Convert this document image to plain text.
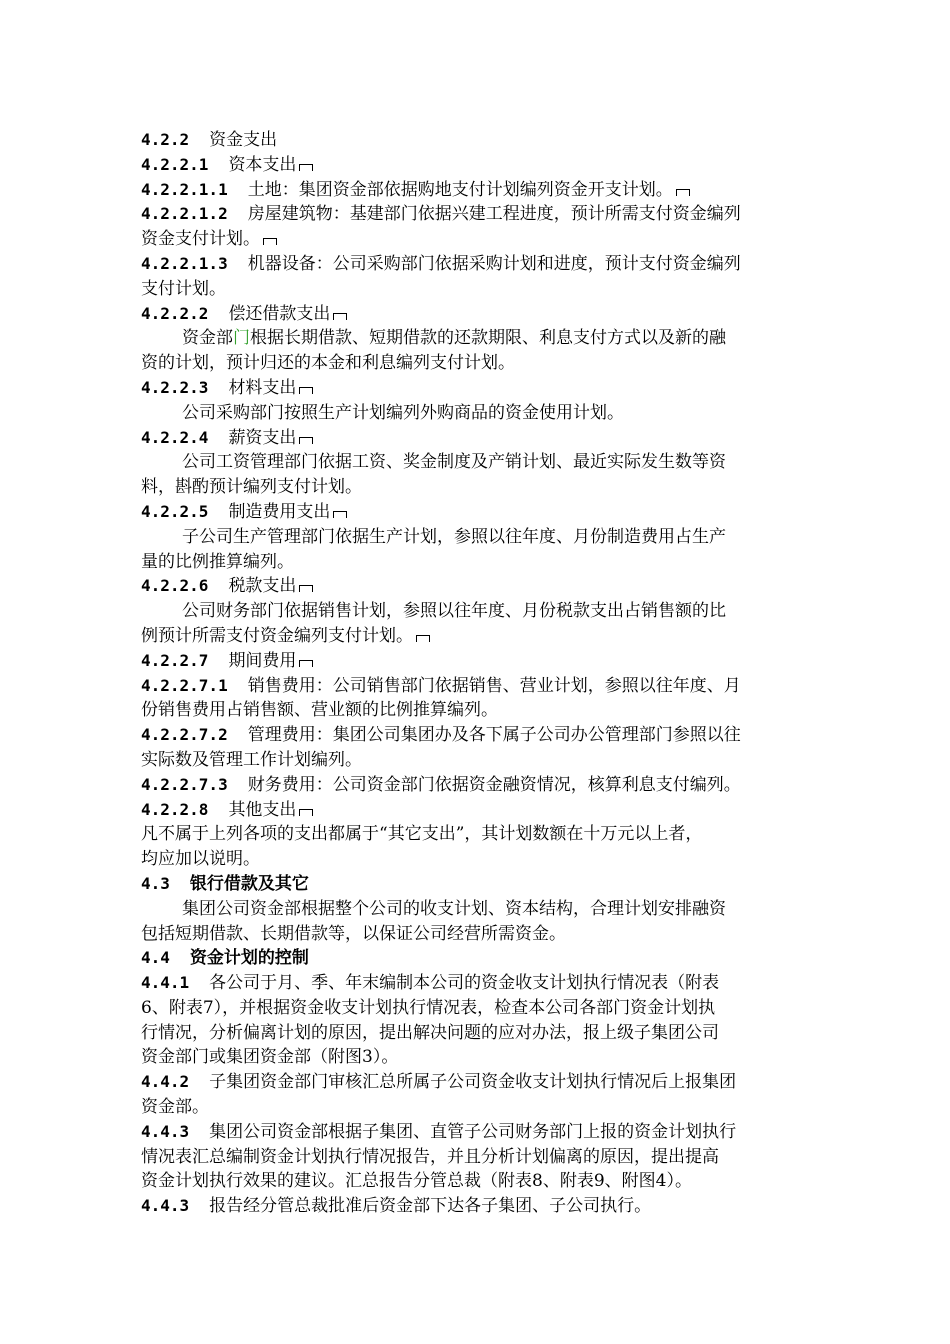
4.2.2 资金支出
4.2.2.1 资本支出
4.2.2.1.1 土地：集团资金部依据购地支付计划编列资金开支计划。
4.2.2.1.2 房屋建筑物：基建部门依据兴建工程进度，预计所需支付资金编列
资金支付计划。
4.2.2.1.3 机器设备：公司采购部门依据采购计划和进度，预计支付资金编列
支付计划。
4.2.2.2 偿还借款支出
资金部门根据长期借款、短期借款的还款期限、利息支付方式以及新的融
资的计划，预计归还的本金和利息编列支付计划。
4.2.2.3 材料支出
公司采购部门按照生产计划编列外购商品的资金使用计划。
4.2.2.4 薪资支出
公司工资管理部门依据工资、奖金制度及产销计划、最近实际发生数等资
料，斟酌预计编列支付计划。
4.2.2.5 制造费用支出
子公司生产管理部门依据生产计划，参照以往年度、月份制造费用占生产
量的比例推算编列。
4.2.2.6 税款支出
公司财务部门依据销售计划，参照以往年度、月份税款支出占销售额的比
例预计所需支付资金编列支付计划。
4.2.2.7 期间费用
4.2.2.7.1 销售费用：公司销售部门依据销售、营业计划，参照以往年度、月
份销售费用占销售额、营业额的比例推算编列。
4.2.2.7.2 管理费用：集团公司集团办及各下属子公司办公管理部门参照以往
实际数及管理工作计划编列。
4.2.2.7.3 财务费用：公司资金部门依据资金融资情况，核算利息支付编列。
4.2.2.8 其他支出
凡不属于上列各项的支出都属于“其它支出”，其计划数额在十万元以上者，
均应加以说明。
4.3 银行借款及其它
集团公司资金部根据整个公司的收支计划、资本结构，合理计划安排融资
包括短期借款、长期借款等，以保证公司经营所需资金。
4.4 资金计划的控制
4.4.1 各公司于月、季、年末编制本公司的资金收支计划执行情况表（附表
6、附表7），并根据资金收支计划执行情况表，检查本公司各部门资金计划执
行情况，分析偏离计划的原因，提出解决问题的应对办法，报上级子集团公司
资金部门或集团资金部（附图3）。
4.4.2 子集团资金部门审核汇总所属子公司资金收支计划执行情况后上报集团
资金部。
4.4.3 集团公司资金部根据子集团、直管子公司财务部门上报的资金计划执行
情况表汇总编制资金计划执行情况报告，并且分析计划偏离的原因，提出提高
资金计划执行效果的建议。汇总报告分管总裁（附表8、附表9、附图4）。
4.4.3 报告经分管总裁批准后资金部下达各子集团、子公司执行。
